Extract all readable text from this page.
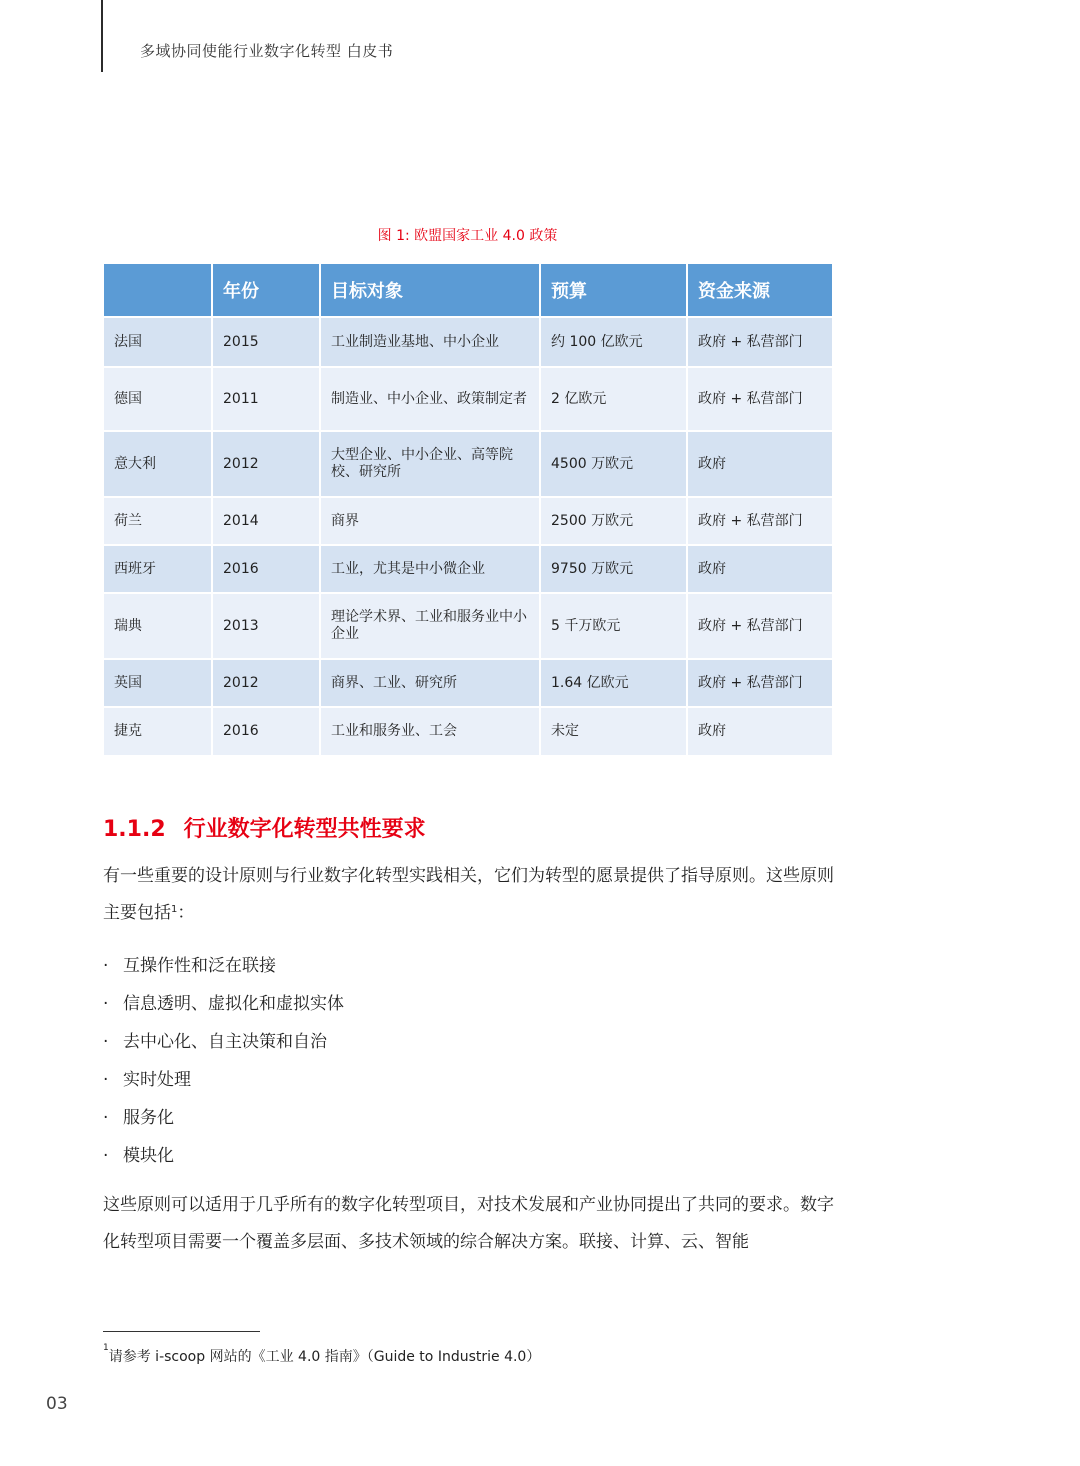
多域协同使能行业数字化转型 白皮书
图 1: 欧盟国家工业 4.0 政策
	年份	目标对象	预算	资金来源
法国	2015	工业制造业基地、中小企业	约 100 亿欧元	政府 + 私营部门
德国	2011	制造业、中小企业、政策制定者	2 亿欧元	政府 + 私营部门
意大利	2012	大型企业、中小企业、高等院校、研究所	4500 万欧元	政府
荷兰	2014	商界	2500 万欧元	政府 + 私营部门
西班牙	2016	工业，尤其是中小微企业	9750 万欧元	政府
瑞典	2013	理论学术界、工业和服务业中小企业	5 千万欧元	政府 + 私营部门
英国	2012	商界、工业、研究所	1.64 亿欧元	政府 + 私营部门
捷克	2016	工业和服务业、工会	未定	政府
1.1.2 行业数字化转型共性要求
有一些重要的设计原则与行业数字化转型实践相关，它们为转型的愿景提供了指导原则。这些原则主要包括$^1$：
· 互操作性和泛在联接
· 信息透明、虚拟化和虚拟实体
· 去中心化、自主决策和自治
· 实时处理
· 服务化
· 模块化
这些原则可以适用于几乎所有的数字化转型项目，对技术发展和产业协同提出了共同的要求。数字化转型项目需要一个覆盖多层面、多技术领域的综合解决方案。联接、计算、云、智能
$^1$请参考 i-scoop 网站的《工业 4.0 指南》（Guide to Industrie 4.0）
03
